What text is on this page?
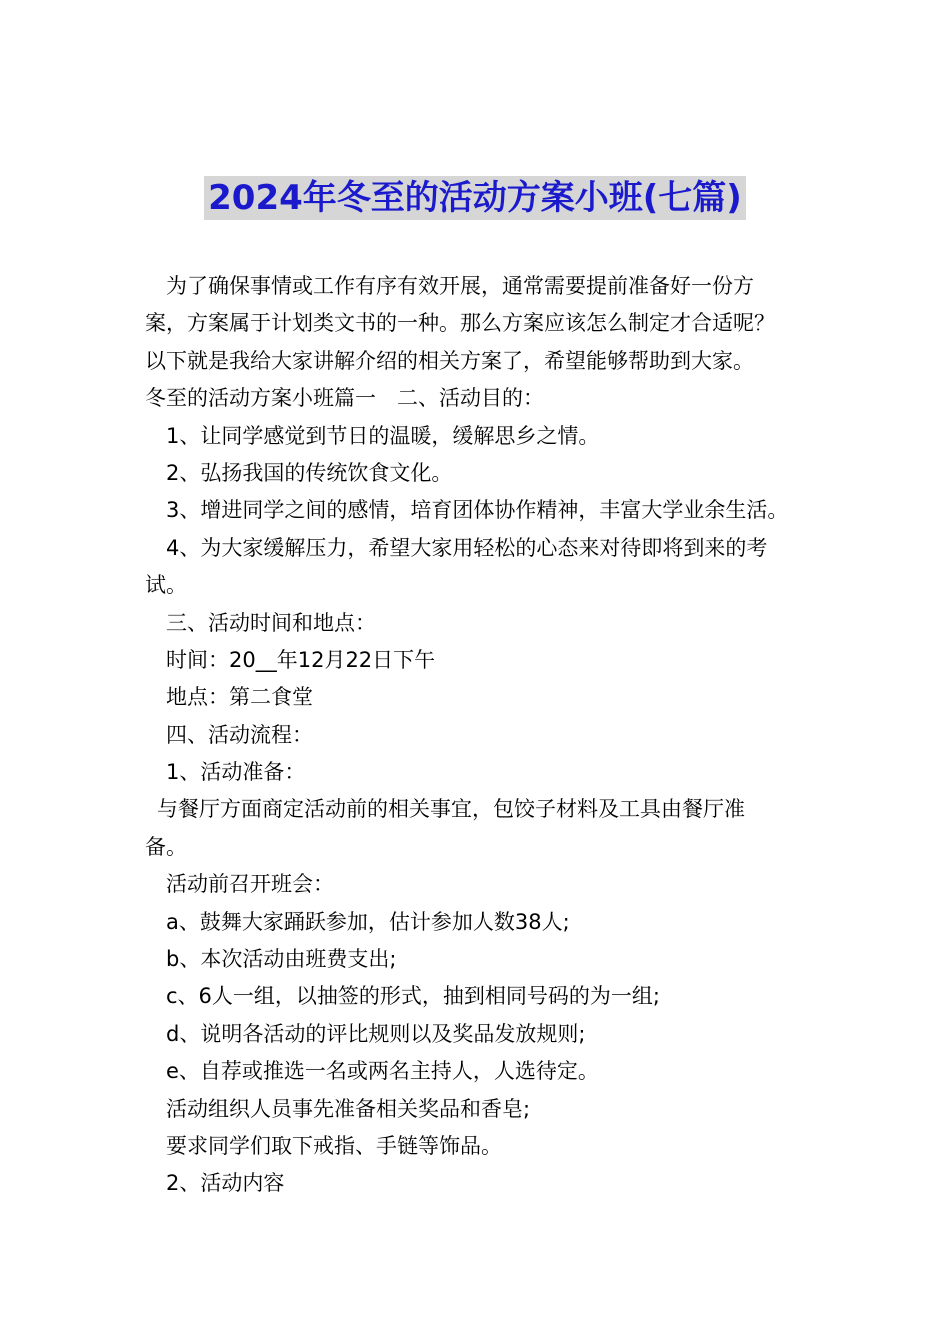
2024年冬至的活动方案小班(七篇)
为了确保事情或工作有序有效开展，通常需要提前准备好一份方
案，方案属于计划类文书的一种。那么方案应该怎么制定才合适呢？
以下就是我给大家讲解介绍的相关方案了，希望能够帮助到大家。
冬至的活动方案小班篇一　二、活动目的：
1、让同学感觉到节日的温暖，缓解思乡之情。
2、弘扬我国的传统饮食文化。
3、增进同学之间的感情，培育团体协作精神，丰富大学业余生活。
4、为大家缓解压力，希望大家用轻松的心态来对待即将到来的考
试。
三、活动时间和地点：
时间：20__年12月22日下午
地点：第二食堂
四、活动流程：
1、活动准备：
与餐厅方面商定活动前的相关事宜，包饺子材料及工具由餐厅准
备。
活动前召开班会：
a、鼓舞大家踊跃参加，估计参加人数38人;
b、本次活动由班费支出;
c、6人一组，以抽签的形式，抽到相同号码的为一组;
d、说明各活动的评比规则以及奖品发放规则;
e、自荐或推选一名或两名主持人，人选待定。
活动组织人员事先准备相关奖品和香皂;
要求同学们取下戒指、手链等饰品。
2、活动内容
